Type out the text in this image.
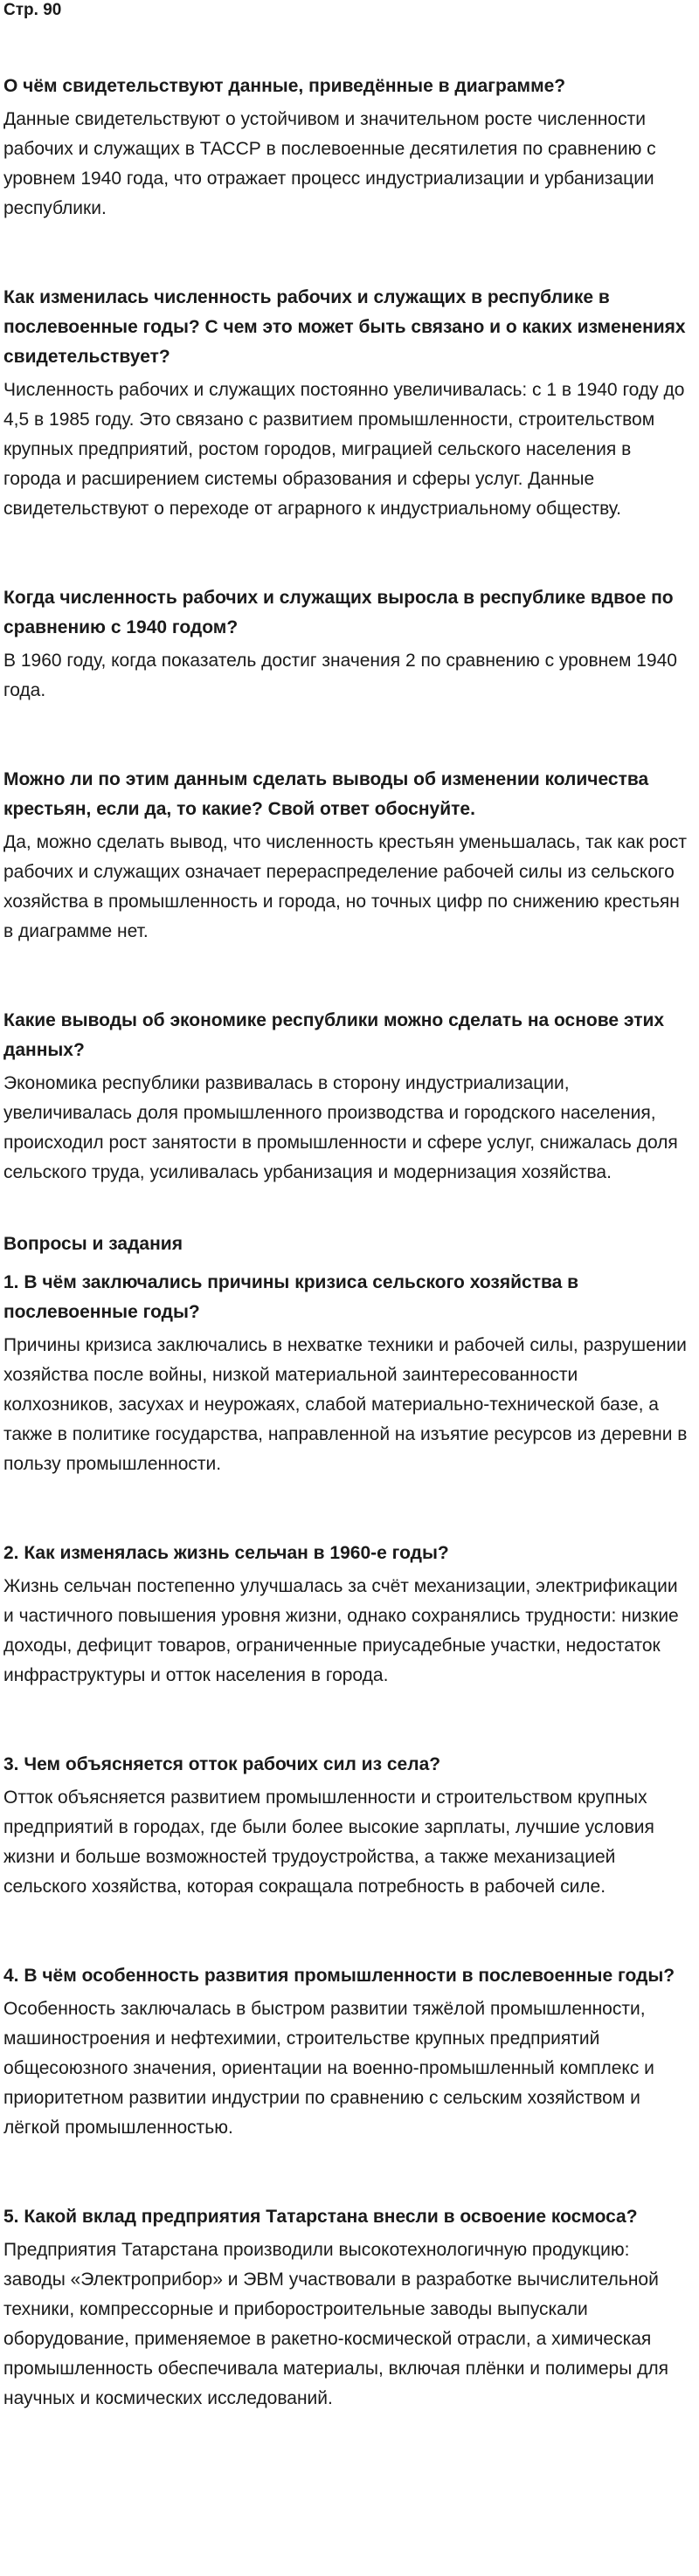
Стр. 90
О чём свидетельствуют данные, приведённые в диаграмме?
Данные свидетельствуют о устойчивом и значительном росте численности рабочих и служащих в ТАССР в послевоенные десятилетия по сравнению с уровнем 1940 года, что отражает процесс индустриализации и урбанизации республики.
Как изменилась численность рабочих и служащих в республике в послевоенные годы? С чем это может быть связано и о каких изменениях свидетельствует?
Численность рабочих и служащих постоянно увеличивалась: с 1 в 1940 году до 4,5 в 1985 году. Это связано с развитием промышленности, строительством крупных предприятий, ростом городов, миграцией сельского населения в города и расширением системы образования и сферы услуг. Данные свидетельствуют о переходе от аграрного к индустриальному обществу.
Когда численность рабочих и служащих выросла в республике вдвое по сравнению с 1940 годом?
В 1960 году, когда показатель достиг значения 2 по сравнению с уровнем 1940 года.
Можно ли по этим данным сделать выводы об изменении количества крестьян, если да, то какие? Свой ответ обоснуйте.
Да, можно сделать вывод, что численность крестьян уменьшалась, так как рост рабочих и служащих означает перераспределение рабочей силы из сельского хозяйства в промышленность и города, но точных цифр по снижению крестьян в диаграмме нет.
Какие выводы об экономике республики можно сделать на основе этих данных?
Экономика республики развивалась в сторону индустриализации, увеличивалась доля промышленного производства и городского населения, происходил рост занятости в промышленности и сфере услуг, снижалась доля сельского труда, усиливалась урбанизация и модернизация хозяйства.
Вопросы и задания
1. В чём заключались причины кризиса сельского хозяйства в послевоенные годы?
Причины кризиса заключались в нехватке техники и рабочей силы, разрушении хозяйства после войны, низкой материальной заинтересованности колхозников, засухах и неурожаях, слабой материально-технической базе, а также в политике государства, направленной на изъятие ресурсов из деревни в пользу промышленности.
2. Как изменялась жизнь сельчан в 1960-е годы?
Жизнь сельчан постепенно улучшалась за счёт механизации, электрификации и частичного повышения уровня жизни, однако сохранялись трудности: низкие доходы, дефицит товаров, ограниченные приусадебные участки, недостаток инфраструктуры и отток населения в города.
3. Чем объясняется отток рабочих сил из села?
Отток объясняется развитием промышленности и строительством крупных предприятий в городах, где были более высокие зарплаты, лучшие условия жизни и больше возможностей трудоустройства, а также механизацией сельского хозяйства, которая сокращала потребность в рабочей силе.
4. В чём особенность развития промышленности в послевоенные годы?
Особенность заключалась в быстром развитии тяжёлой промышленности, машиностроения и нефтехимии, строительстве крупных предприятий общесоюзного значения, ориентации на военно-промышленный комплекс и приоритетном развитии индустрии по сравнению с сельским хозяйством и лёгкой промышленностью.
5. Какой вклад предприятия Татарстана внесли в освоение космоса?
Предприятия Татарстана производили высокотехнологичную продукцию: заводы «Электроприбор» и ЭВМ участвовали в разработке вычислительной техники, компрессорные и приборостроительные заводы выпускали оборудование, применяемое в ракетно-космической отрасли, а химическая промышленность обеспечивала материалы, включая плёнки и полимеры для научных и космических исследований.
